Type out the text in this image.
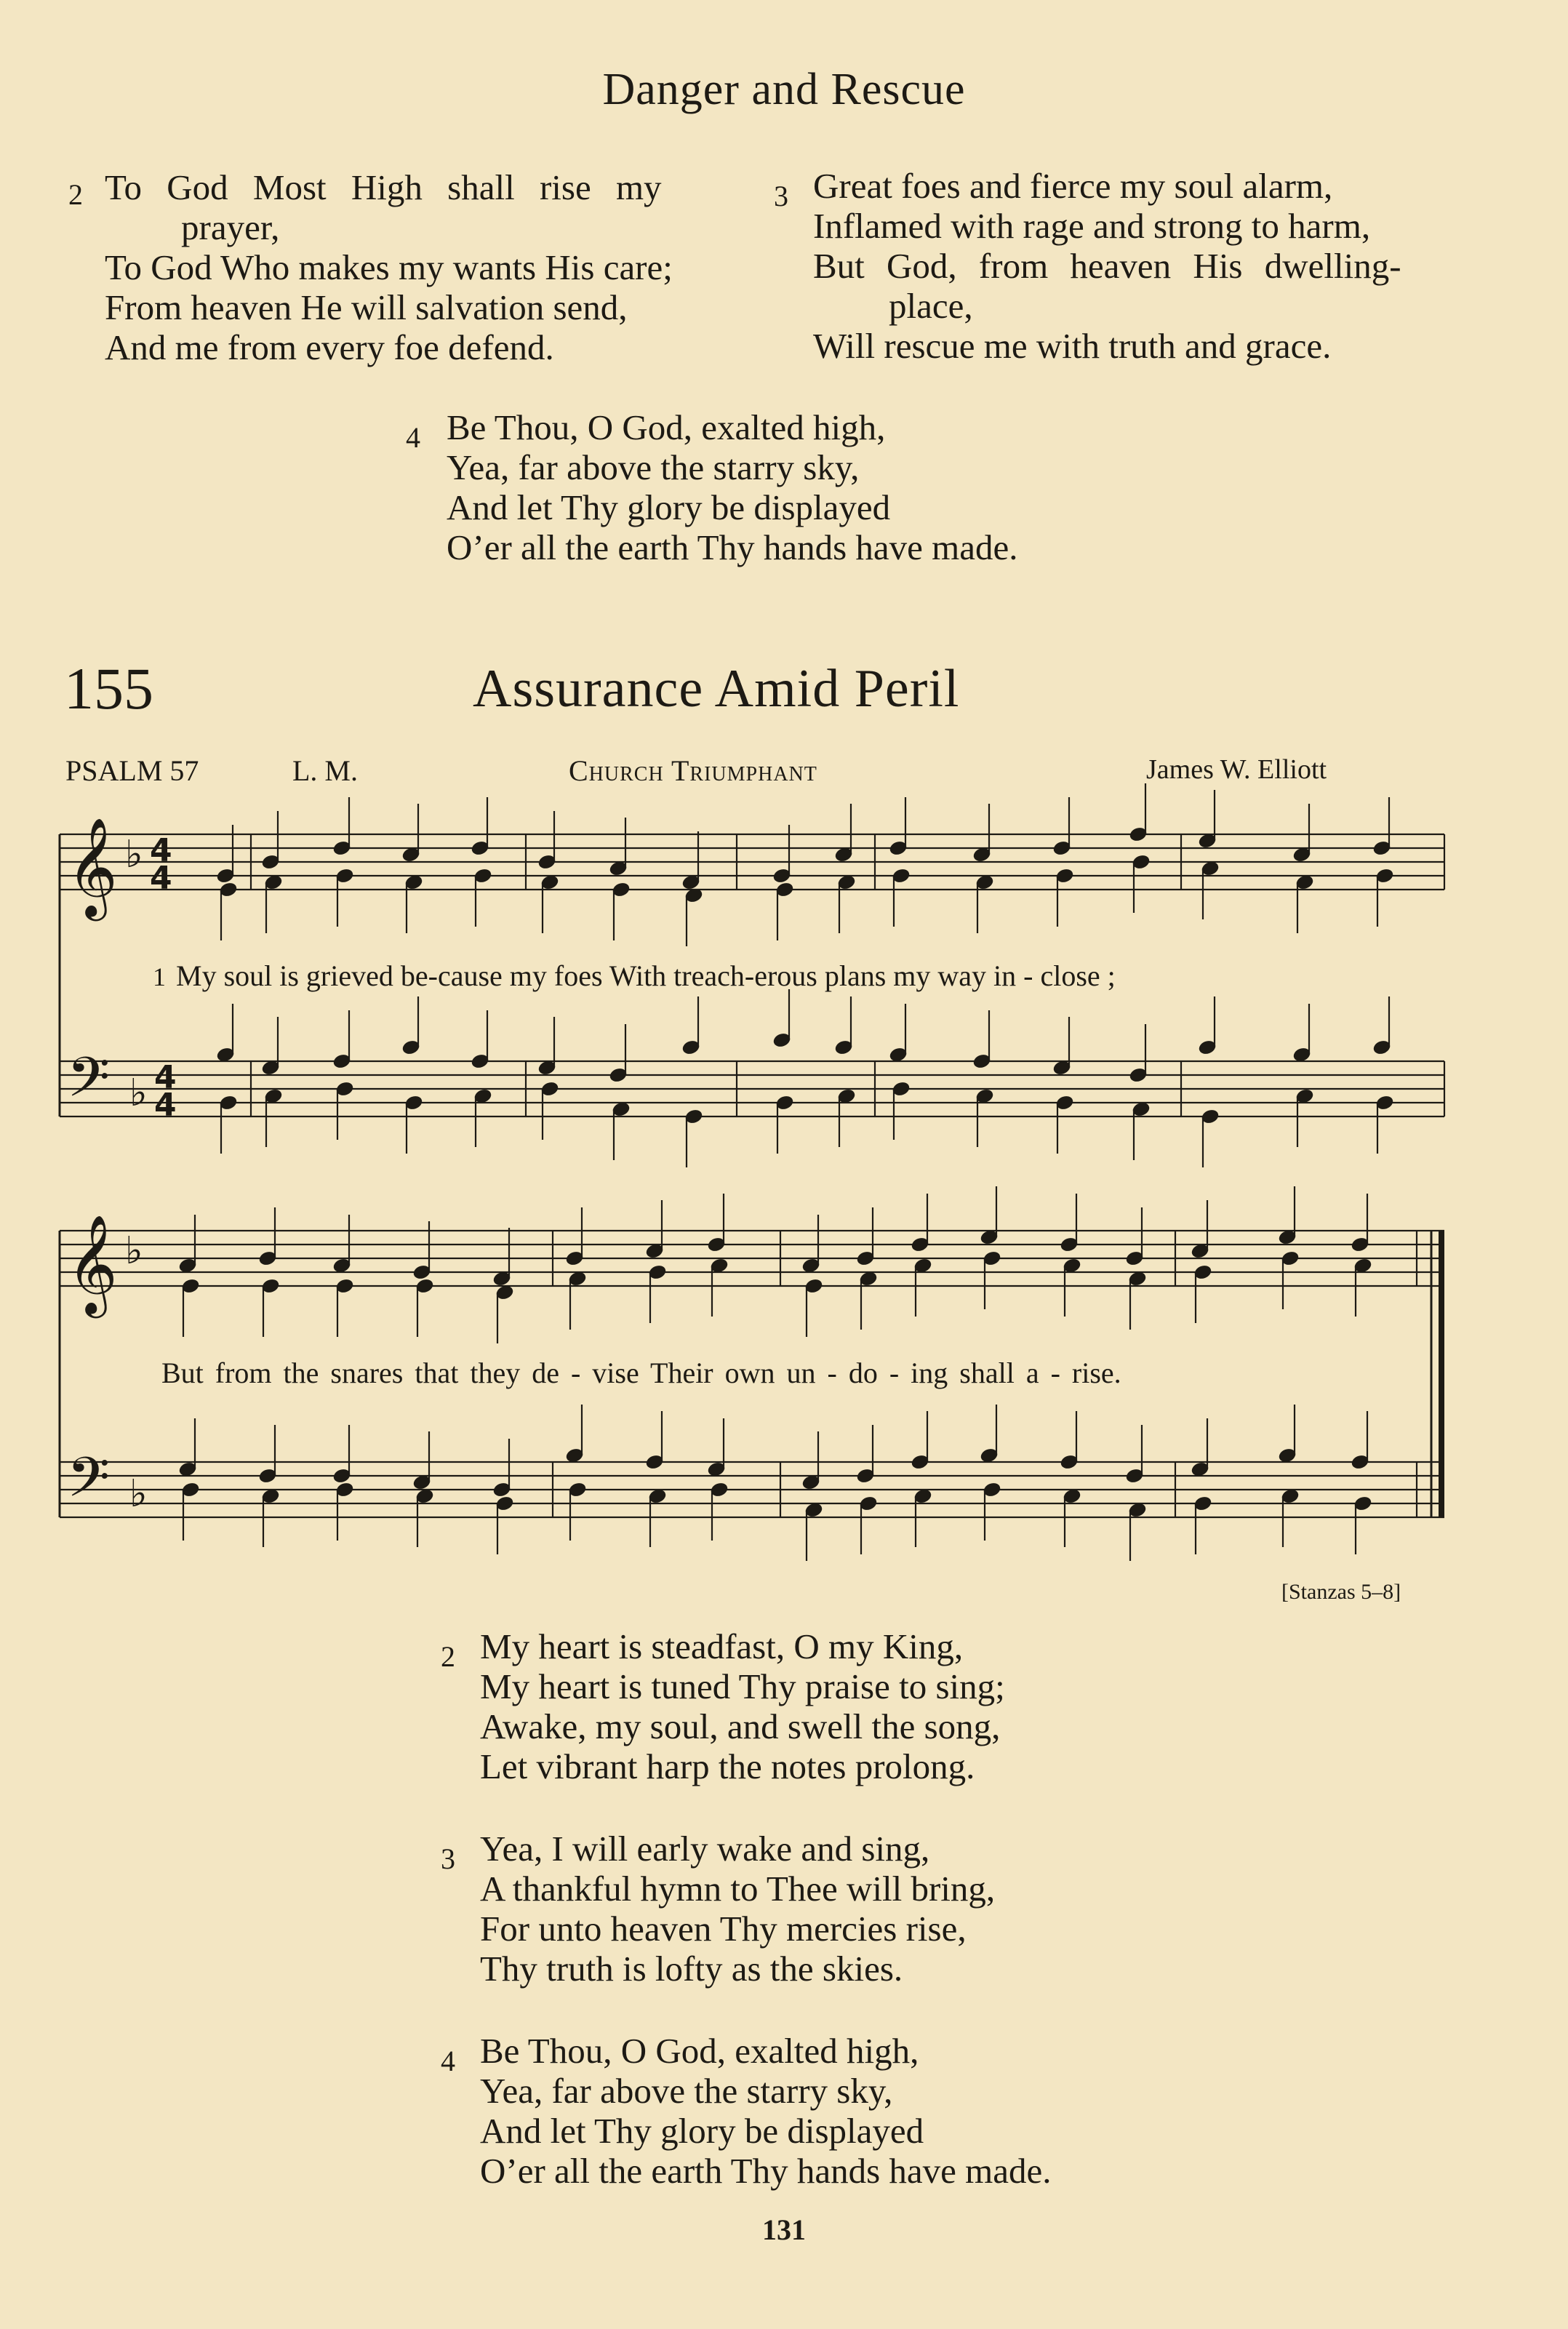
Danger and Rescue
2 To God Most High shall rise my
prayer,
To God Who makes my wants His care;
From heaven He will salvation send,
And me from every foe defend.
3 Great foes and fierce my soul alarm,
Inflamed with rage and strong to harm,
But God, from heaven His dwelling-
place,
Will rescue me with truth and grace.
4 Be Thou, O God, exalted high,
Yea, far above the starry sky,
And let Thy glory be displayed
O’er all the earth Thy hands have made.
155	Assurance Amid Peril
PSALM 57	L. M.	Church Triumphant	James W. Elliott
𝄞
𝄢
𝄞
𝄢
♭
♭
♭
♭
4
4
4
4
1 My soul is grieved be-cause my foes With treach-erous plans my way in - close ;
But from the snares that they de - vise Their own un - do - ing shall a - rise.
[Stanzas 5–8]
2 My heart is steadfast, O my King,
My heart is tuned Thy praise to sing;
Awake, my soul, and swell the song,
Let vibrant harp the notes prolong.
3 Yea, I will early wake and sing,
A thankful hymn to Thee will bring,
For unto heaven Thy mercies rise,
Thy truth is lofty as the skies.
4 Be Thou, O God, exalted high,
Yea, far above the starry sky,
And let Thy glory be displayed
O’er all the earth Thy hands have made.
131
